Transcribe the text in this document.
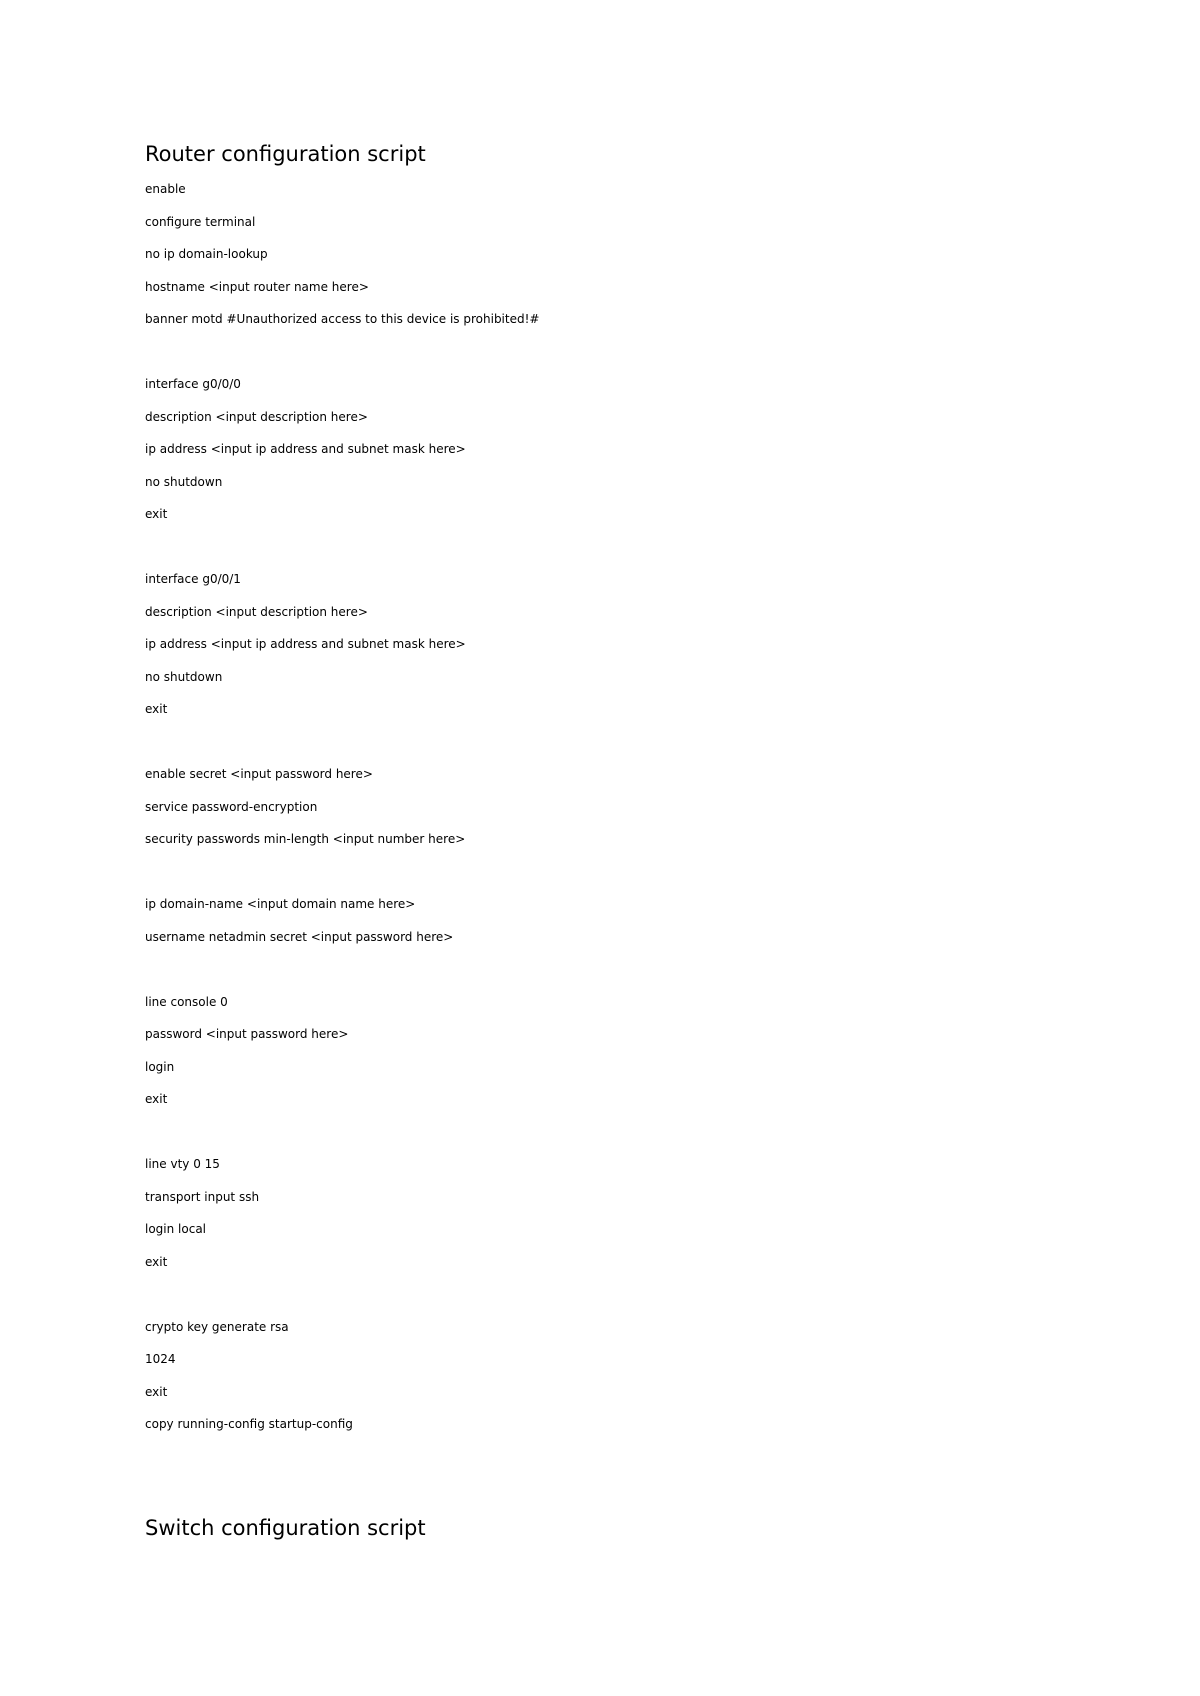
Router configuration script
enable
configure terminal
no ip domain-lookup
hostname <input router name here>
banner motd #Unauthorized access to this device is prohibited!#
interface g0/0/0
description <input description here>
ip address <input ip address and subnet mask here>
no shutdown
exit
interface g0/0/1
description <input description here>
ip address <input ip address and subnet mask here>
no shutdown
exit
enable secret <input password here>
service password-encryption
security passwords min-length <input number here>
ip domain-name <input domain name here>
username netadmin secret <input password here>
line console 0
password <input password here>
login
exit
line vty 0 15
transport input ssh
login local
exit
crypto key generate rsa
1024
exit
copy running-config startup-config
Switch configuration script
